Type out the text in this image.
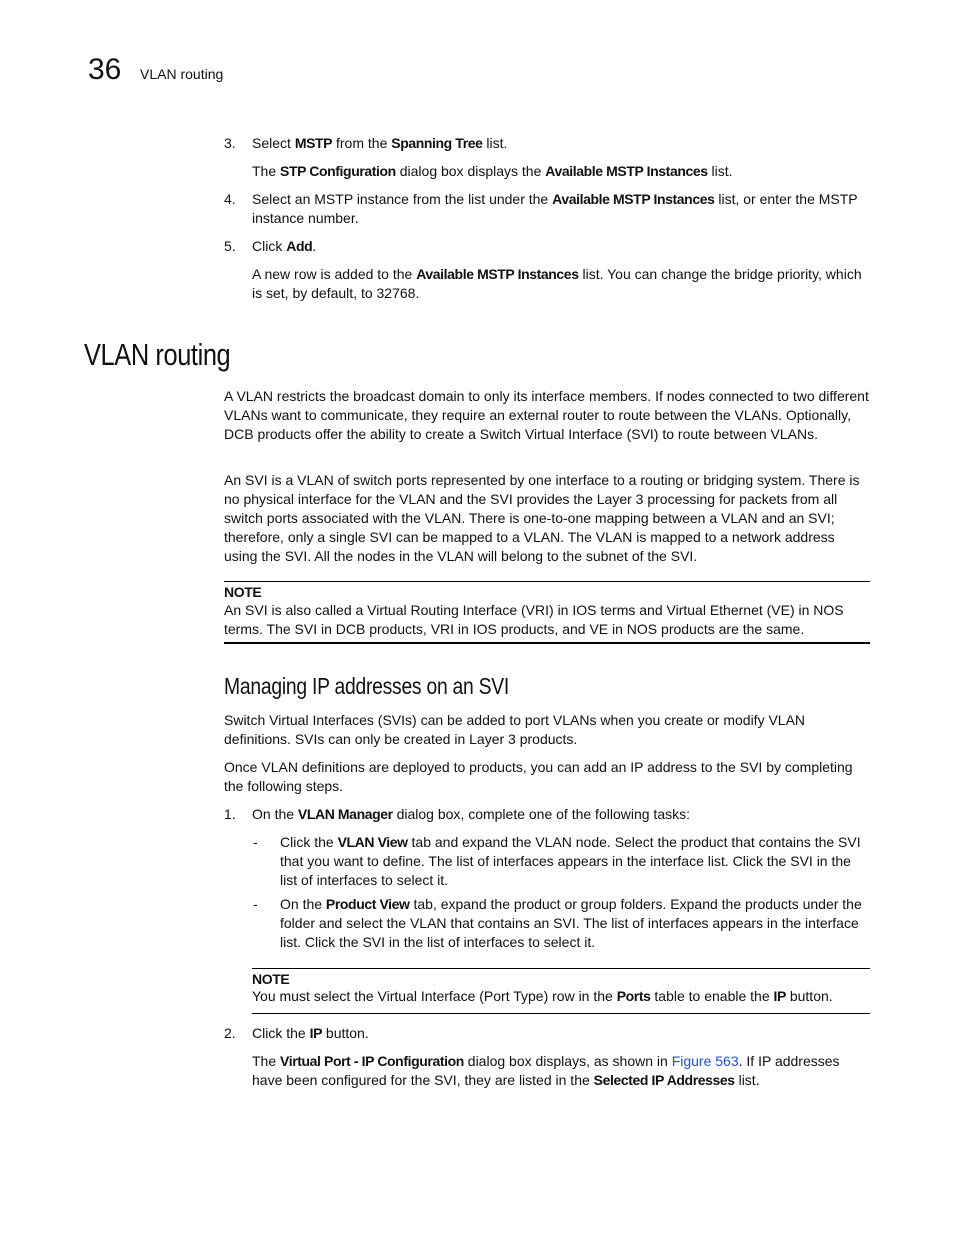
36 VLAN routing
3.	Select MSTP from the Spanning Tree list.
The STP Configuration dialog box displays the Available MSTP Instances list.
4.	Select an MSTP instance from the list under the Available MSTP Instances list, or enter the MSTP instance number.
5.	Click Add.
A new row is added to the Available MSTP Instances list. You can change the bridge priority, which is set, by default, to 32768.
VLAN routing

A VLAN restricts the broadcast domain to only its interface members. If nodes connected to two different VLANs want to communicate, they require an external router to route between the VLANs. Optionally, DCB products offer the ability to create a Switch Virtual Interface (SVI) to route between VLANs.

An SVI is a VLAN of switch ports represented by one interface to a routing or bridging system. There is no physical interface for the VLAN and the SVI provides the Layer 3 processing for packets from all switch ports associated with the VLAN. There is one-to-one mapping between a VLAN and an SVI; therefore, only a single SVI can be mapped to a VLAN. The VLAN is mapped to a network address using the SVI. All the nodes in the VLAN will belong to the subnet of the SVI.

NOTE

An SVI is also called a Virtual Routing Interface (VRI) in IOS terms and Virtual Ethernet (VE) in NOS terms. The SVI in DCB products, VRI in IOS products, and VE in NOS products are the same.

Managing IP addresses on an SVI

Switch Virtual Interfaces (SVIs) can be added to port VLANs when you create or modify VLAN definitions. SVIs can only be created in Layer 3 products.

Once VLAN definitions are deployed to products, you can add an IP address to the SVI by completing the following steps.

1.	On the VLAN Manager dialog box, complete one of the following tasks:
- Click the VLAN View tab and expand the VLAN node. Select the product that contains the SVI that you want to define. The list of interfaces appears in the interface list. Click the SVI in the list of interfaces to select it.
- On the Product View tab, expand the product or group folders. Expand the products under the folder and select the VLAN that contains an SVI. The list of interfaces appears in the interface list. Click the SVI in the list of interfaces to select it.
NOTE
You must select the Virtual Interface (Port Type) row in the Ports table to enable the IP button.
2.	Click the IP button.
The Virtual Port - IP Configuration dialog box displays, as shown in Figure 563. If IP addresses have been configured for the SVI, they are listed in the Selected IP Addresses list.
